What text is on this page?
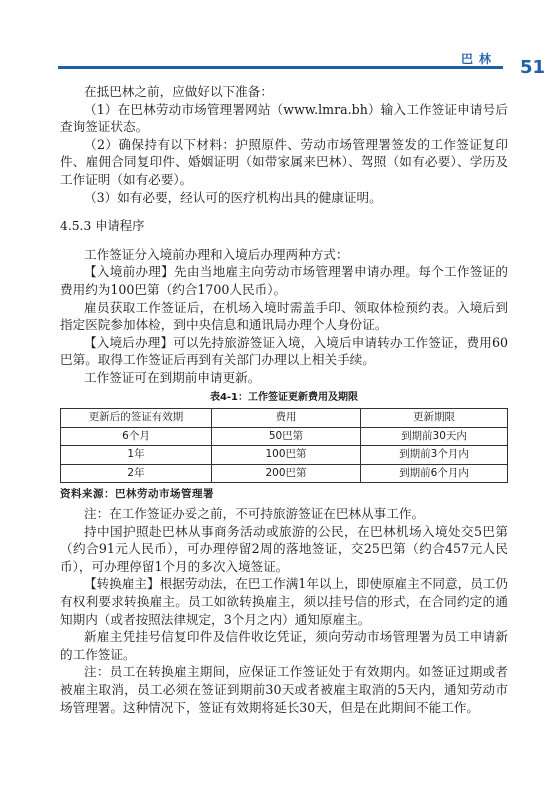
巴林 51

在抵巴林之前，应做好以下准备：

（1）在巴林劳动市场管理署网站（www.lmra.bh）输入工作签证申请号后查询签证状态。

（2）确保持有以下材料：护照原件、劳动市场管理署签发的工作签证复印件、雇佣合同复印件、婚姻证明（如带家属来巴林）、驾照（如有必要）、学历及工作证明（如有必要）。

（3）如有必要，经认可的医疗机构出具的健康证明。

4.5.3 申请程序

工作签证分入境前办理和入境后办理两种方式：

【入境前办理】先由当地雇主向劳动市场管理署申请办理。每个工作签证的费用约为100巴第（约合1700人民币）。

雇员获取工作签证后，在机场入境时需盖手印、领取体检预约表。入境后到指定医院参加体检，到中央信息和通讯局办理个人身份证。

【入境后办理】可以先持旅游签证入境，入境后申请转办工作签证，费用60巴第。取得工作签证后再到有关部门办理以上相关手续。

工作签证可在到期前申请更新。

表4-1：工作签证更新费用及期限
更新后的签证有效期	费用	更新期限
6个月	50巴第	到期前30天内
1年	100巴第	到期前3个月内
2年	200巴第	到期前6个月内
资料来源：巴林劳动市场管理署

注：在工作签证办妥之前，不可持旅游签证在巴林从事工作。

持中国护照赴巴林从事商务活动或旅游的公民，在巴林机场入境处交5巴第（约合91元人民币），可办理停留2周的落地签证，交25巴第（约合457元人民币），可办理停留1个月的多次入境签证。

【转换雇主】根据劳动法，在巴工作满1年以上，即使原雇主不同意，员工仍有权利要求转换雇主。员工如欲转换雇主，须以挂号信的形式，在合同约定的通知期内（或者按照法律规定，3个月之内）通知原雇主。

新雇主凭挂号信复印件及信件收讫凭证，须向劳动市场管理署为员工申请新的工作签证。

注：员工在转换雇主期间，应保证工作签证处于有效期内。如签证过期或者被雇主取消，员工必须在签证到期前30天或者被雇主取消的5天内，通知劳动市场管理署。这种情况下，签证有效期将延长30天，但是在此期间不能工作。
